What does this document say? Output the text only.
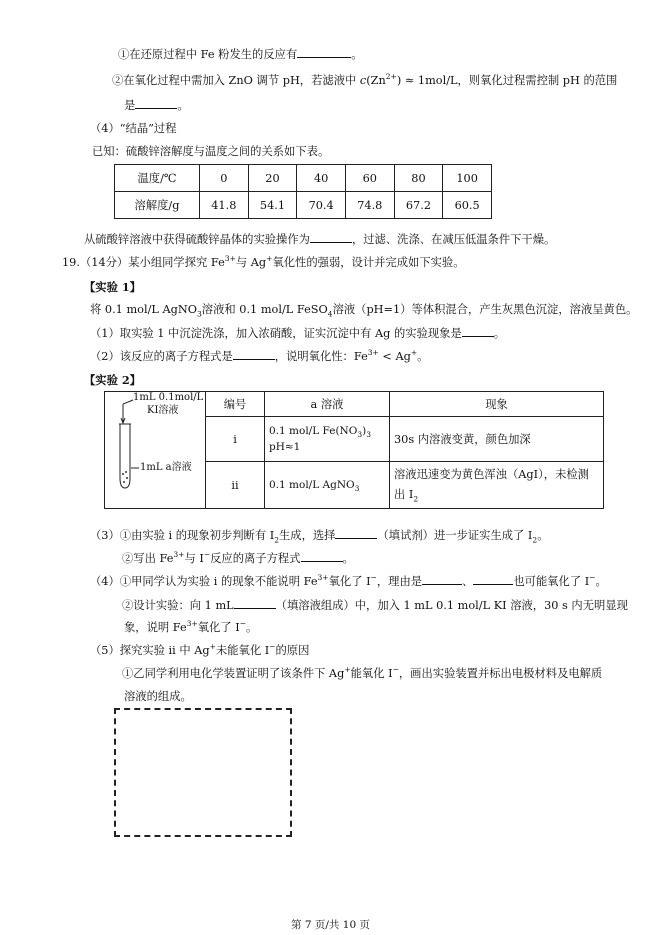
①在还原过程中 Fe 粉发生的反应有	。
②在氧化过程中需加入 ZnO 调节 pH，若滤液中 $c(Zn^{2+}) \approx 1mol/L$，则氧化过程需控制 pH 的范围
是	。
（4）“结晶”过程
已知：硫酸锌溶解度与温度之间的关系如下表。
温度/℃	0	20	40	60	80	100
溶解度/g	41.8	54.1	70.4	74.8	67.2	60.5
从硫酸锌溶液中获得硫酸锌晶体的实验操作为	，过滤、洗涤、在减压低温条件下干燥。
19.（14分）某小组同学探究 $Fe^{3+}$与 Ag+氧化性的强弱，设计并完成如下实验。
【实验 1】
将 0.1 mol/L AgNO$_3$溶液和 0.1 mol/L FeSO$_4$溶液（pH=1）等体积混合，产生灰黑色沉淀，溶液呈黄色。
（1）取实验 1 中沉淀洗涤，加入浓硝酸，证实沉淀中有 Ag 的实验现象是	。
（2）该反应的离子方程式是	，说明氧化性：$Fe^{3+} < Ag^+$。
【实验 2】
1mL 0.1mol/L
KI溶液
1mL a溶液	编号	a 溶液	现象
	i	0.1 mol/L $Fe(NO_3)_3$
pH≈1	30s 内溶液变黄，颜色加深
	ii	0.1 mol/L AgNO$_3$	溶液迅速变为黄色浑浊（AgI），未检测
出 $I_2$
（3）①由实验 i 的现象初步判断有 $I_2$生成，选择	（填试剂）进一步证实生成了 $I_2$。
②写出 $Fe^{3+}$与 I−反应的离子方程式	。
（4）①甲同学认为实验 i 的现象不能说明 $Fe^{3+}$氧化了 I−，理由是	、	也可能氧化了 I−。
②设计实验：向 1 mL	（填溶液组成）中，加入 1 mL 0.1 mol/L KI 溶液，30 s 内无明显现
象，说明 $Fe^{3+}$氧化了 I−。
（5）探究实验 ii 中 Ag+未能氧化 I−的原因
①乙同学利用电化学装置证明了该条件下 Ag+能氧化 I−，画出实验装置并标出电极材料及电解质
溶液的组成。
第 7 页/共 10 页
